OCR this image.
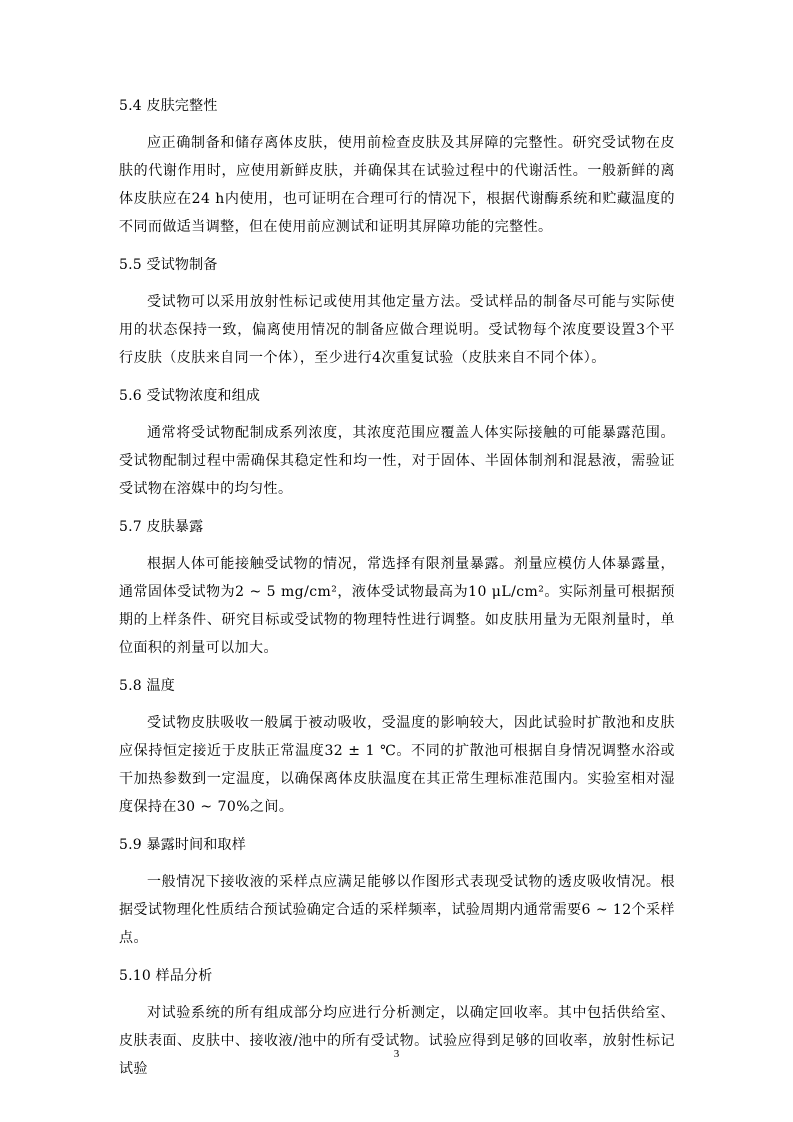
5.4 皮肤完整性

应正确制备和储存离体皮肤，使用前检查皮肤及其屏障的完整性。研究受试物在皮肤的代谢作用时，应使用新鲜皮肤，并确保其在试验过程中的代谢活性。一般新鲜的离体皮肤应在24 h内使用，也可证明在合理可行的情况下，根据代谢酶系统和贮藏温度的不同而做适当调整，但在使用前应测试和证明其屏障功能的完整性。

5.5 受试物制备

受试物可以采用放射性标记或使用其他定量方法。受试样品的制备尽可能与实际使用的状态保持一致，偏离使用情况的制备应做合理说明。受试物每个浓度要设置3个平行皮肤（皮肤来自同一个体），至少进行4次重复试验（皮肤来自不同个体）。

5.6 受试物浓度和组成

通常将受试物配制成系列浓度，其浓度范围应覆盖人体实际接触的可能暴露范围。受试物配制过程中需确保其稳定性和均一性，对于固体、半固体制剂和混悬液，需验证受试物在溶媒中的均匀性。

5.7 皮肤暴露

根据人体可能接触受试物的情况，常选择有限剂量暴露。剂量应模仿人体暴露量，通常固体受试物为2 ~ 5 mg/cm²，液体受试物最高为10 μL/cm²。实际剂量可根据预期的上样条件、研究目标或受试物的物理特性进行调整。如皮肤用量为无限剂量时，单位面积的剂量可以加大。

5.8 温度

受试物皮肤吸收一般属于被动吸收，受温度的影响较大，因此试验时扩散池和皮肤应保持恒定接近于皮肤正常温度32 ± 1 ℃。不同的扩散池可根据自身情况调整水浴或干加热参数到一定温度，以确保离体皮肤温度在其正常生理标准范围内。实验室相对湿度保持在30 ~ 70%之间。

5.9 暴露时间和取样

一般情况下接收液的采样点应满足能够以作图形式表现受试物的透皮吸收情况。根据受试物理化性质结合预试验确定合适的采样频率，试验周期内通常需要6 ~ 12个采样点。

5.10 样品分析

对试验系统的所有组成部分均应进行分析测定，以确定回收率。其中包括供给室、皮肤表面、皮肤中、接收液/池中的所有受试物。试验应得到足够的回收率，放射性标记试验

3
